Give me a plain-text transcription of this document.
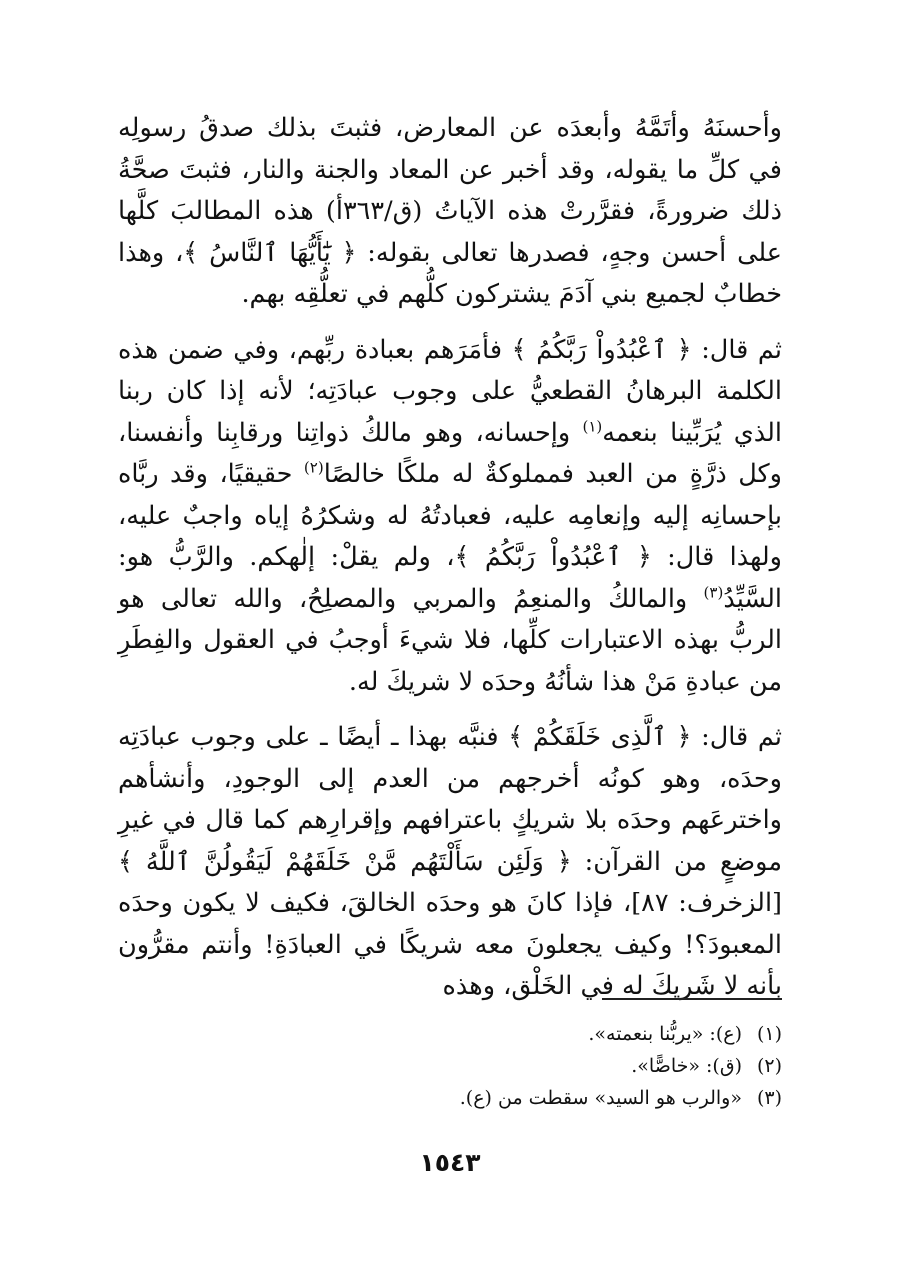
وأحسنَهُ وأتَمَّهُ وأبعدَه عن المعارض، فثبتَ بذلك صدقُ رسولِه في كلِّ ما يقوله، وقد أخبر عن المعاد والجنة والنار، فثبتَ صحَّةُ ذلك ضرورةً، فقرَّرتْ هذه الآياتُ (ق/٣٦٣أ) هذه المطالبَ كلَّها على أحسن وجهٍ، فصدرها تعالى بقوله: ﴿ يَٰٓأَيُّهَا ٱلنَّاسُ ﴾، وهذا خطابٌ لجميع بني آدَمَ يشتركون كلُّهم في تعلُّقِه بهم.

ثم قال: ﴿ ٱعْبُدُواْ رَبَّكُمُ ﴾ فأمَرَهم بعبادة ربِّهم، وفي ضمن هذه الكلمة البرهانُ القطعيُّ على وجوب عبادَتِه؛ لأنه إذا كان ربنا الذي يُرَبِّينا بنعمه$^{(١)}$ وإحسانه، وهو مالكُ ذواتِنا ورقابِنا وأنفسنا، وكل ذرَّةٍ من العبد فمملوكةٌ له ملكًا خالصًا$^{(٢)}$ حقيقيًا، وقد ربَّاه بإحسانِه إليه وإنعامِه عليه، فعبادتُهُ له وشكرُهُ إياه واجبٌ عليه، ولهذا قال: ﴿ ٱعْبُدُواْ رَبَّكُمُ ﴾، ولم يقلْ: إلٰهكم. والرَّبُّ هو: السَّيِّدُ$^{(٣)}$ والمالكُ والمنعِمُ والمربي والمصلِحُ، والله تعالى هو الربُّ بهذه الاعتبارات كلِّها، فلا شيءَ أوجبُ في العقول والفِطَرِ من عبادةِ مَنْ هذا شأنُهُ وحدَه لا شريكَ له.

ثم قال: ﴿ ٱلَّذِى خَلَقَكُمْ ﴾ فنبَّه بهذا ـ أيضًا ـ على وجوب عبادَتِه وحدَه، وهو كونُه أخرجهم من العدم إلى الوجودِ، وأنشأهم واخترعَهم وحدَه بلا شريكٍ باعترافهم وإقرارِهم كما قال في غيرِ موضعٍ من القرآن: ﴿ وَلَئِن سَأَلْتَهُم مَّنْ خَلَقَهُمْ لَيَقُولُنَّ ٱللَّهُ ﴾ [الزخرف: ٨٧]، فإذا كانَ هو وحدَه الخالقَ، فكيف لا يكون وحدَه المعبودَ؟! وكيف يجعلونَ معه شريكًا في العبادَةِ! وأنتم مقرُّون بأنه لا شَريكَ له في الخَلْق، وهذه

(١)(ع): «يربُّنا بنعمته».

(٢)(ق): «خاصًّا».

(٣)«والرب هو السيد» سقطت من (ع).

١٥٤٣
